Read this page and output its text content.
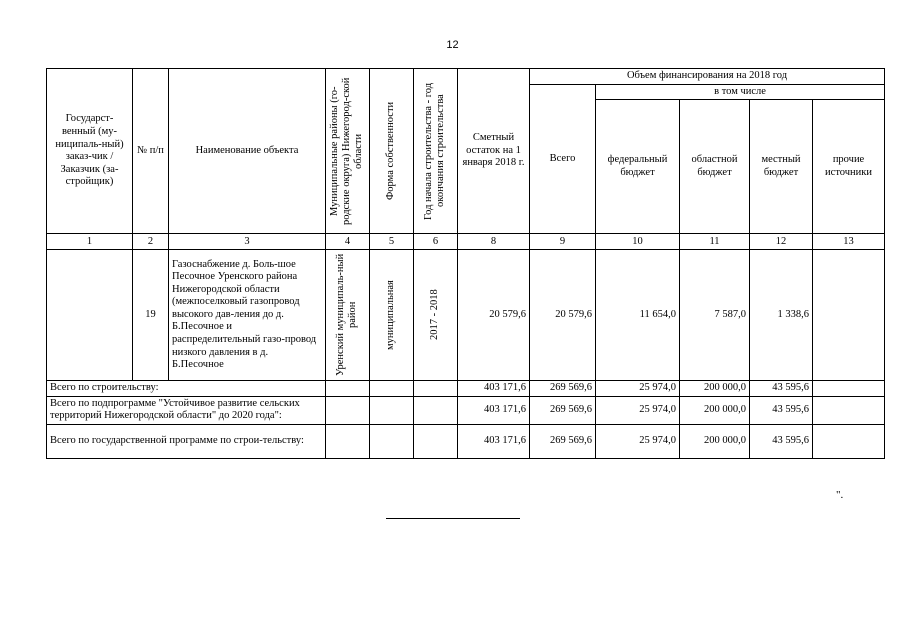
12
Государст-венный (му-ниципаль-ный) заказ-чик / Заказчик (за-стройщик)	№ п/п	Наименование объекта	Муниципальные районы (го-родские округа) Нижегород-ской области	Форма собственности	Год начала строительства - год окончания строительства	Сметный остаток на 1 января 2018 г.	Объем финансирования на 2018 год				
							Всего	в том числе			
								федеральный бюджет	областной бюджет	местный бюджет	прочие источники
1	2	3	4	5	6	8	9	10	11	12	13
	19	Газоснабжение д. Боль-шое Песочное Уренского района Нижегородской области (межпоселковый газопровод высокого дав-ления до д. Б.Песочное и распределительный газо-провод низкого давления в д. Б.Песочное	Уренский муниципаль-ный район	муниципальная	2017 - 2018	20 579,6	20 579,6	11 654,0	7 587,0	1 338,6	
Всего по строительству:						403 171,6	269 569,6	25 974,0	200 000,0	43 595,6	
Всего по подпрограмме "Устойчивое развитие сельских территорий Нижегородской области" до 2020 года":						403 171,6	269 569,6	25 974,0	200 000,0	43 595,6	
Всего по государственной программе по строи-тельству:						403 171,6	269 569,6	25 974,0	200 000,0	43 595,6	
".
